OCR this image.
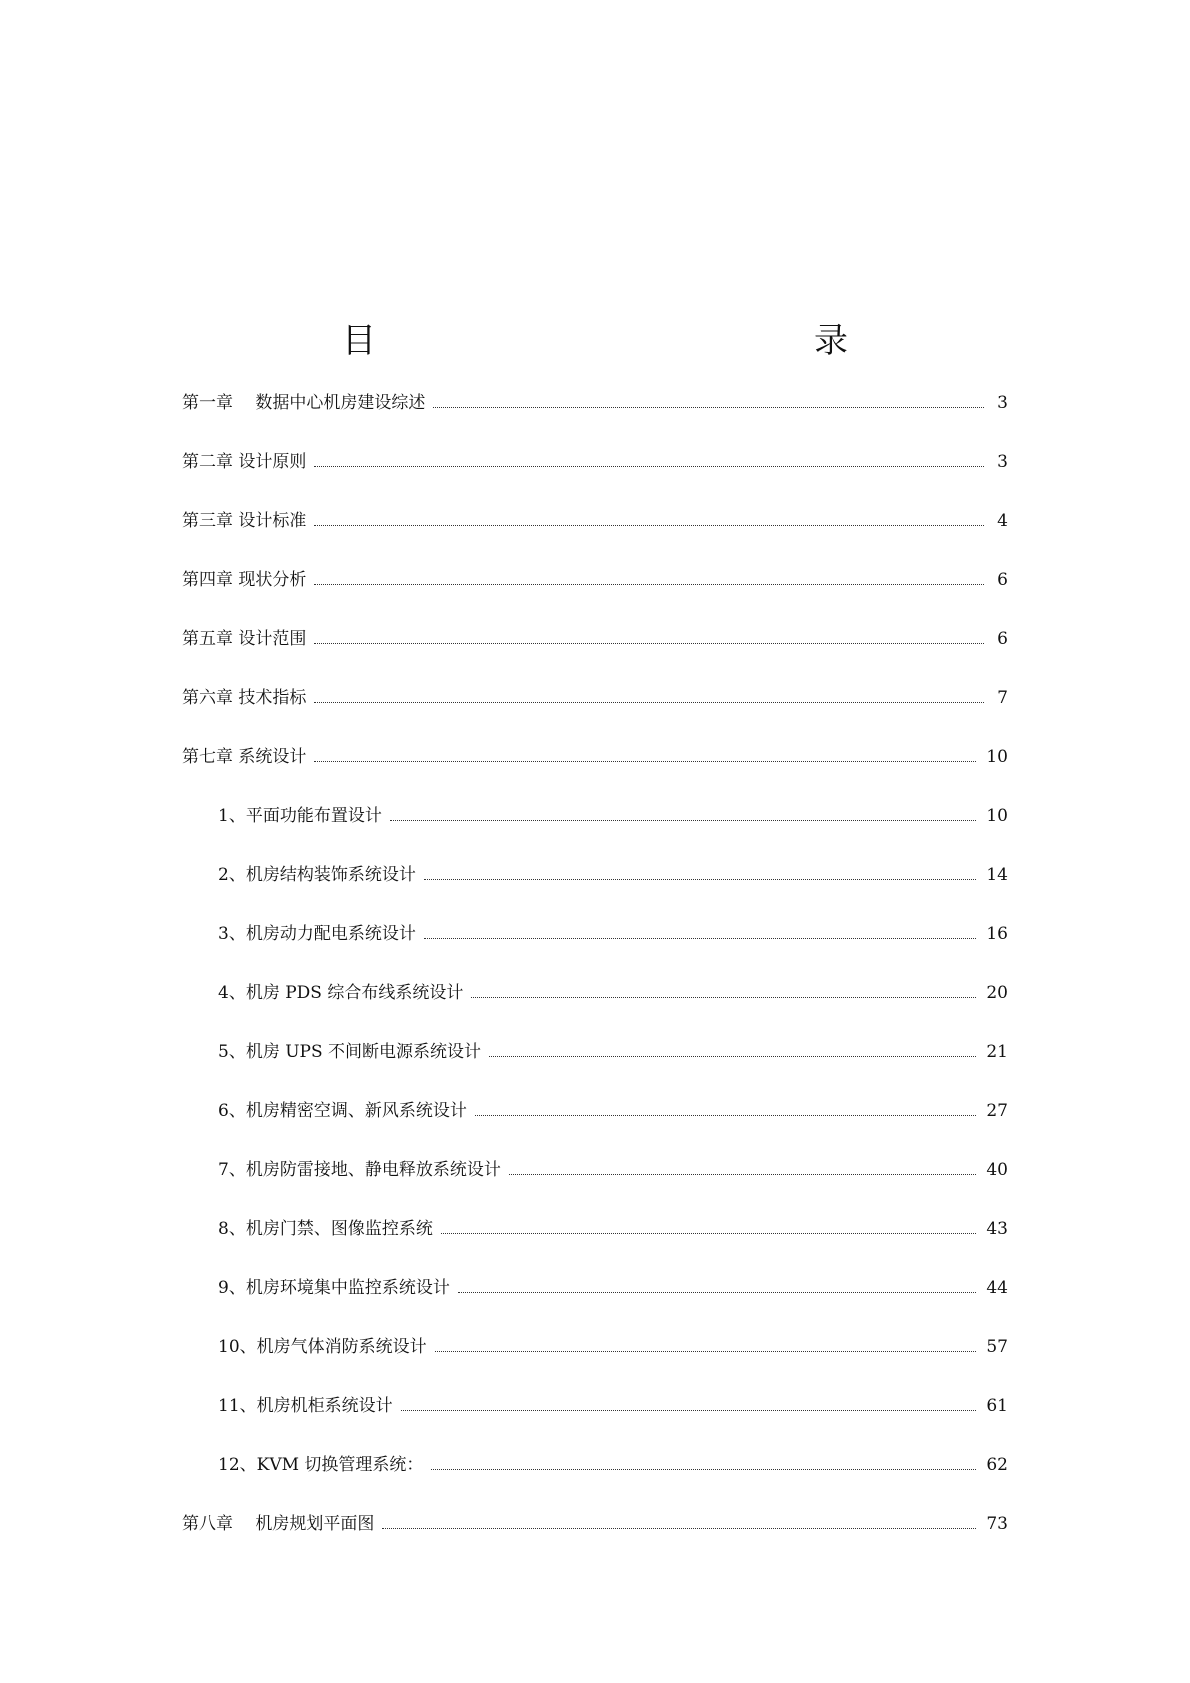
目　　　录
第一章　 数据中心机房建设综述	3
第二章 设计原则	3
第三章 设计标准	4
第四章 现状分析	6
第五章 设计范围	6
第六章 技术指标	7
第七章 系统设计	10
1、平面功能布置设计	10
2、机房结构装饰系统设计	14
3、机房动力配电系统设计	16
4、机房 PDS 综合布线系统设计	20
5、机房 UPS 不间断电源系统设计	21
6、机房精密空调、新风系统设计	27
7、机房防雷接地、静电释放系统设计	40
8、机房门禁、图像监控系统	43
9、机房环境集中监控系统设计	44
10、机房气体消防系统设计	57
11、机房机柜系统设计	61
12、KVM 切换管理系统：	62
第八章　 机房规划平面图	73
